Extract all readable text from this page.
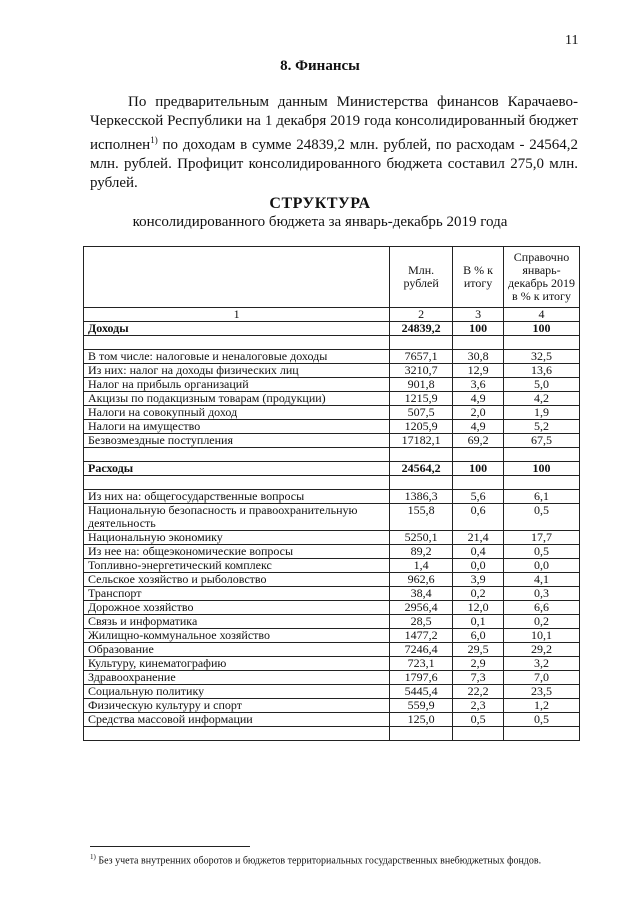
11
8. Финансы

По предварительным данным Министерства финансов Карачаево-Черкесской Республики на 1 декабря 2019 года консолидированный бюджет исполнен$^{1)}$ по доходам в сумме 24839,2 млн. рублей, по расходам - 24564,2 млн. рублей. Профицит консолидированного бюджета составил 275,0 млн. рублей.

СТРУКТУРА
консолидированного бюджета за январь-декабрь 2019 года
	Млн. рублей	В % к итогу	Справочно январь-декабрь 2019 в % к итогу
1	2	3	4
Доходы	24839,2	100	100

В том числе: налоговые и неналоговые доходы	7657,1	30,8	32,5
Из них: налог на доходы физических лиц	3210,7	12,9	13,6
Налог на прибыль организаций	901,8	3,6	5,0
Акцизы по подакцизным товарам (продукции)	1215,9	4,9	4,2
Налоги на совокупный доход	507,5	2,0	1,9
Налоги на имущество	1205,9	4,9	5,2
Безвозмездные поступления	17182,1	69,2	67,5

Расходы	24564,2	100	100

Из них на: общегосударственные вопросы	1386,3	5,6	6,1
Национальную безопасность и правоохранительную деятельность	155,8	0,6	0,5
Национальную экономику	5250,1	21,4	17,7
Из нее на: общеэкономические вопросы	89,2	0,4	0,5
Топливно-энергетический комплекс	1,4	0,0	0,0
Сельское хозяйство и рыболовство	962,6	3,9	4,1
Транспорт	38,4	0,2	0,3
Дорожное хозяйство	2956,4	12,0	6,6
Связь и информатика	28,5	0,1	0,2
Жилищно-коммунальное хозяйство	1477,2	6,0	10,1
Образование	7246,4	29,5	29,2
Культуру, кинематографию	723,1	2,9	3,2
Здравоохранение	1797,6	7,3	7,0
Социальную политику	5445,4	22,2	23,5
Физическую культуру и спорт	559,9	2,3	1,2
Средства массовой информации	125,0	0,5	0,5

$^{1)}$ Без учета внутренних оборотов и бюджетов территориальных государственных внебюджетных фондов.
